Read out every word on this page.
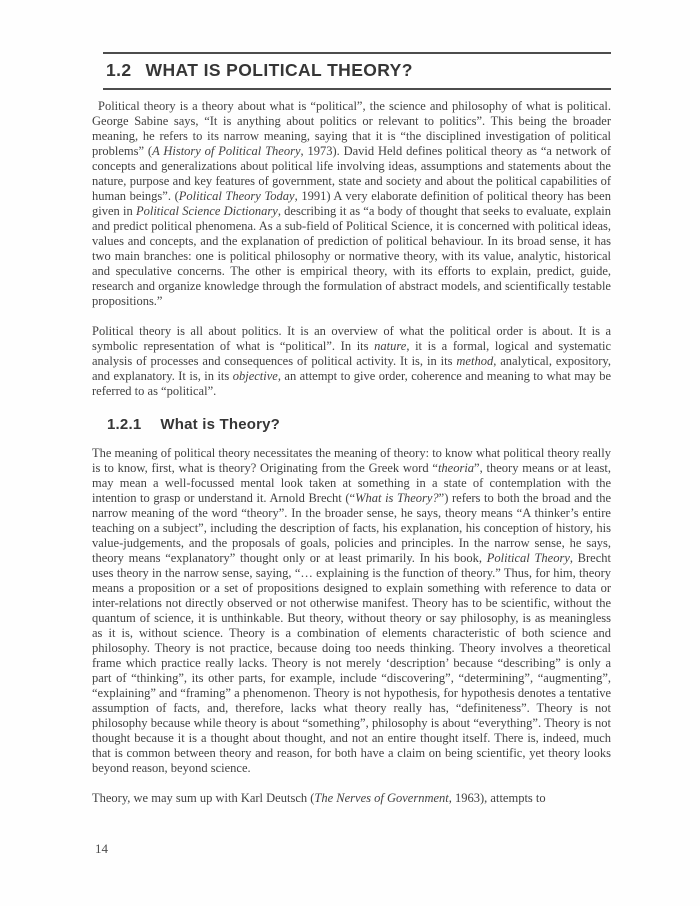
1.2 WHAT IS POLITICAL THEORY?

Political theory is a theory about what is “political”, the science and philosophy of what is political. George Sabine says, “It is anything about politics or relevant to politics”. This being the broader meaning, he refers to its narrow meaning, saying that it is “the disciplined investigation of political problems” (A History of Political Theory, 1973). David Held defines political theory as “a network of concepts and generalizations about political life involving ideas, assumptions and statements about the nature, purpose and key features of government, state and society and about the political capabilities of human beings”. (Political Theory Today, 1991) A very elaborate definition of political theory has been given in Political Science Dictionary, describing it as “a body of thought that seeks to evaluate, explain and predict political phenomena. As a sub-field of Political Science, it is concerned with political ideas, values and concepts, and the explanation of prediction of political behaviour. In its broad sense, it has two main branches: one is political philosophy or normative theory, with its value, analytic, historical and speculative concerns. The other is empirical theory, with its efforts to explain, predict, guide, research and organize knowledge through the formulation of abstract models, and scientifically testable propositions.”

Political theory is all about politics. It is an overview of what the political order is about. It is a symbolic representation of what is “political”. In its nature, it is a formal, logical and systematic analysis of processes and consequences of political activity. It is, in its method, analytical, expository, and explanatory. It is, in its objective, an attempt to give order, coherence and meaning to what may be referred to as “political”.

1.2.1 What is Theory?

The meaning of political theory necessitates the meaning of theory: to know what political theory really is to know, first, what is theory? Originating from the Greek word “theoria”, theory means or at least, may mean a well-focussed mental look taken at something in a state of contemplation with the intention to grasp or understand it. Arnold Brecht (“What is Theory?”) refers to both the broad and the narrow meaning of the word “theory”. In the broader sense, he says, theory means “A thinker’s entire teaching on a subject”, including the description of facts, his explanation, his conception of history, his value-judgements, and the proposals of goals, policies and principles. In the narrow sense, he says, theory means “explanatory” thought only or at least primarily. In his book, Political Theory, Brecht uses theory in the narrow sense, saying, “… explaining is the function of theory.” Thus, for him, theory means a proposition or a set of propositions designed to explain something with reference to data or inter-relations not directly observed or not otherwise manifest. Theory has to be scientific, without the quantum of science, it is unthinkable. But theory, without theory or say philosophy, is as meaningless as it is, without science. Theory is a combination of elements characteristic of both science and philosophy. Theory is not practice, because doing too needs thinking. Theory involves a theoretical frame which practice really lacks. Theory is not merely ‘description’ because “describing” is only a part of “thinking”, its other parts, for example, include “discovering”, “determining”, “augmenting”, “explaining” and “framing” a phenomenon. Theory is not hypothesis, for hypothesis denotes a tentative assumption of facts, and, therefore, lacks what theory really has, “definiteness”. Theory is not philosophy because while theory is about “something”, philosophy is about “everything”. Theory is not thought because it is a thought about thought, and not an entire thought itself. There is, indeed, much that is common between theory and reason, for both have a claim on being scientific, yet theory looks beyond reason, beyond science.

Theory, we may sum up with Karl Deutsch (The Nerves of Government, 1963), attempts to

14
